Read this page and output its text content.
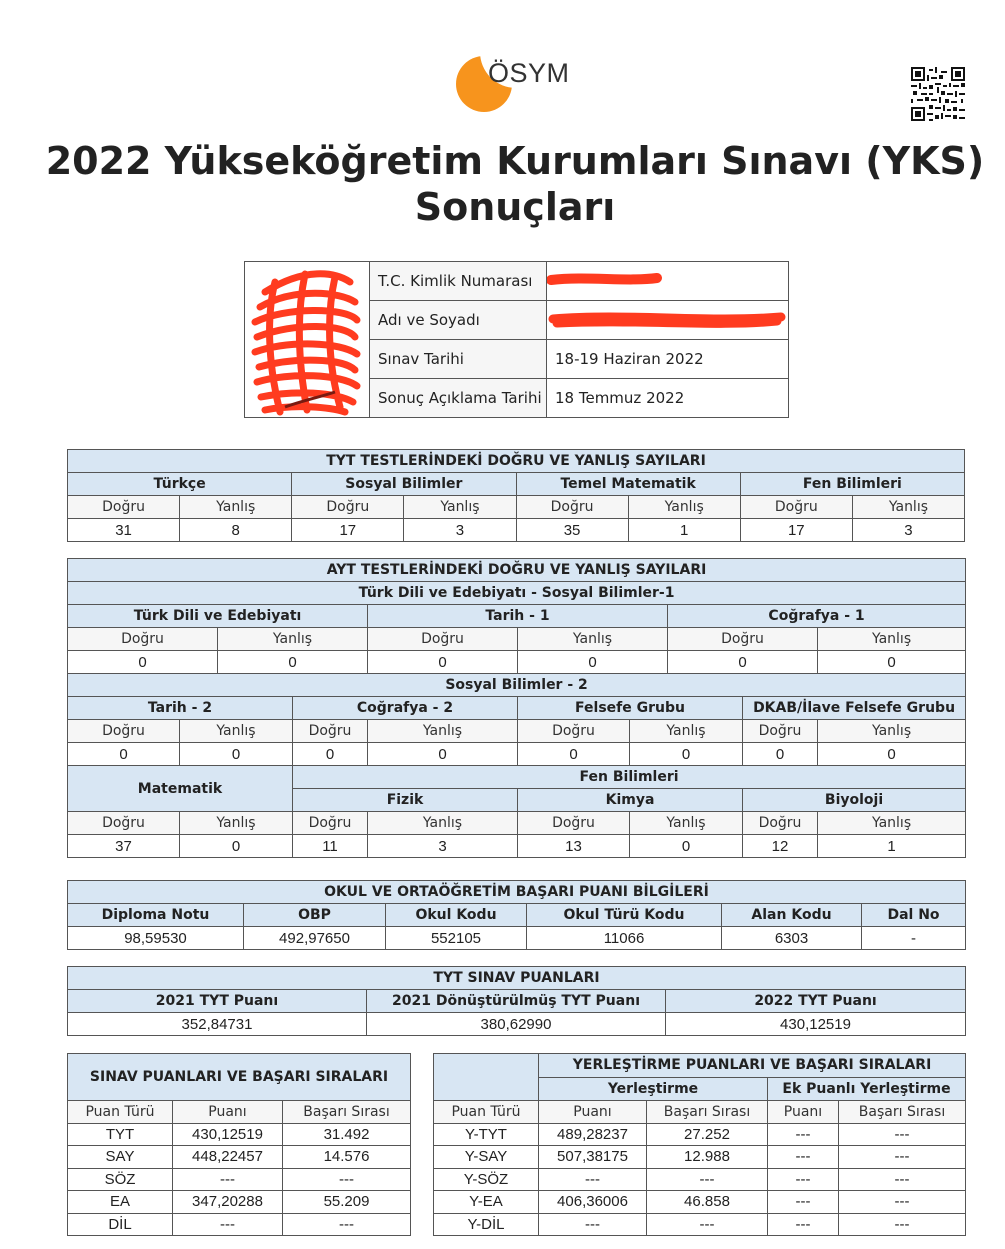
ÖSYM
2022 Yükseköğretim Kurumları Sınavı (YKS)
Sonuçları
	T.C. Kimlik Numarası	

	Adı ve Soyadı	

	Sınav Tarihi	18-19 Haziran 2022
	Sonuç Açıklama Tarihi	18 Temmuz 2022
TYT TESTLERİNDEKİ DOĞRU VE YANLIŞ SAYILARI							
Türkçe		Sosyal Bilimler		Temel Matematik		Fen Bilimleri	
Doğru	Yanlış	Doğru	Yanlış	Doğru	Yanlış	Doğru	Yanlış
31	8	17	3	35	1	17	3
AYT TESTLERİNDEKİ DOĞRU VE YANLIŞ SAYILARI									
Türk Dili ve Edebiyatı - Sosyal Bilimler-1									
Türk Dili ve Edebiyatı				Tarih - 1			Coğrafya - 1		
Doğru		Yanlış		Doğru	Yanlış		Doğru		Yanlış
0		0		0	0		0		0
Sosyal Bilimler - 2									
Tarih - 2			Coğrafya - 2		Felsefe Grubu			DKAB/İlave Felsefe Grubu	
Doğru	Yanlış		Doğru	Yanlış	Doğru	Yanlış		Doğru	Yanlış
0	0		0	0	0	0		0	0
Matematik			Fen Bilimleri						
			Fizik		Kimya			Biyoloji	
Doğru	Yanlış		Doğru	Yanlış	Doğru	Yanlış		Doğru	Yanlış
37	0		11	3	13	0		12	1
OKUL VE ORTAÖĞRETİM BAŞARI PUANI BİLGİLERİ					
Diploma Notu	OBP	Okul Kodu	Okul Türü Kodu	Alan Kodu	Dal No
98,59530	492,97650	552105	11066	6303	-
TYT SINAV PUANLARI		
2021 TYT Puanı	2021 Dönüştürülmüş TYT Puanı	2022 TYT Puanı
352,84731	380,62990	430,12519
SINAV PUANLARI VE BAŞARI SIRALARI		
Puan Türü	Puanı	Başarı Sırası
TYT	430,12519	31.492
SAY	448,22457	14.576
SÖZ	---	---
EA	347,20288	55.209
DİL	---	---
	YERLEŞTİRME PUANLARI VE BAŞARI SIRALARI			
	Yerleştirme		Ek Puanlı Yerleştirme	
Puan Türü	Puanı	Başarı Sırası	Puanı	Başarı Sırası
Y-TYT	489,28237	27.252	---	---
Y-SAY	507,38175	12.988	---	---
Y-SÖZ	---	---	---	---
Y-EA	406,36006	46.858	---	---
Y-DİL	---	---	---	---
